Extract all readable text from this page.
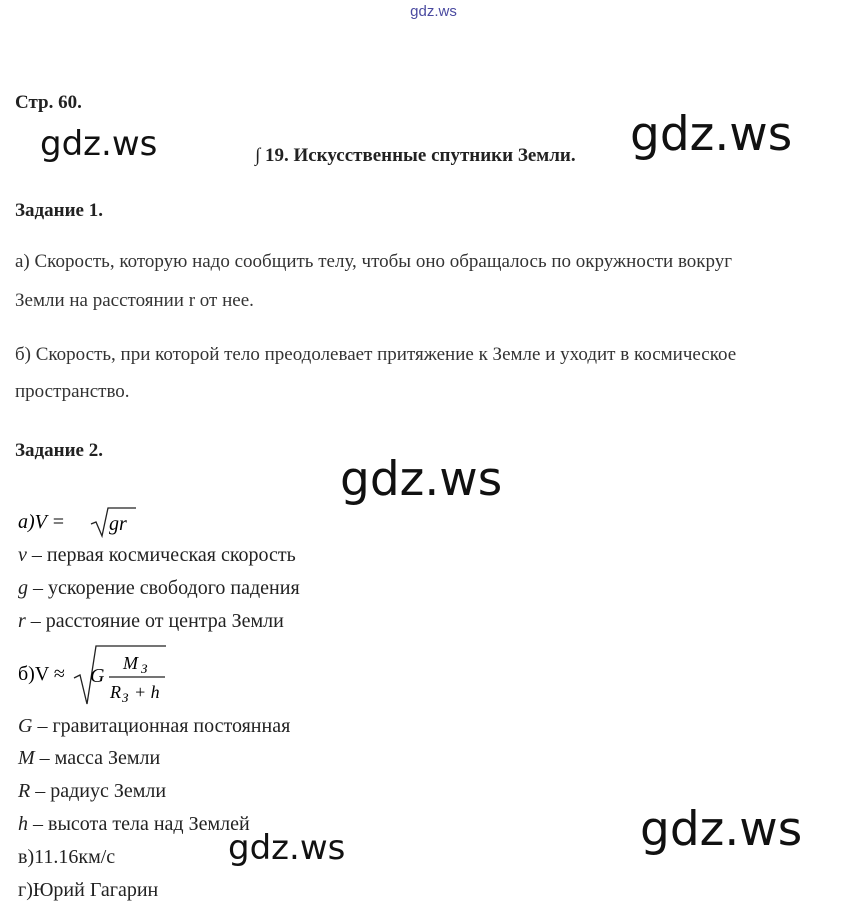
gdz.ws
Стр. 60.
gdz.ws	gdz.ws
∫ 19. Искусственные спутники Земли.
Задание 1.
а) Скорость, которую надо сообщить телу, чтобы оно обращалось по окружности вокруг
Земли на расстоянии r от нее.
б) Скорость, при которой тело преодолевает притяжение к Земле и уходит в космическое
пространство.
Задание 2.
gdz.ws
a)V = gr
v – первая космическая скорость
g – ускорение свободого падения
r – расстояние от центра Земли
б)V ≈ G
M З
R З + h
G – гравитационная постоянная
M – масса Земли
R – радиус Земли
h – высота тела над Землей
в)11.16км/с
г)Юрий Гагарин
gdz.ws	gdz.ws
